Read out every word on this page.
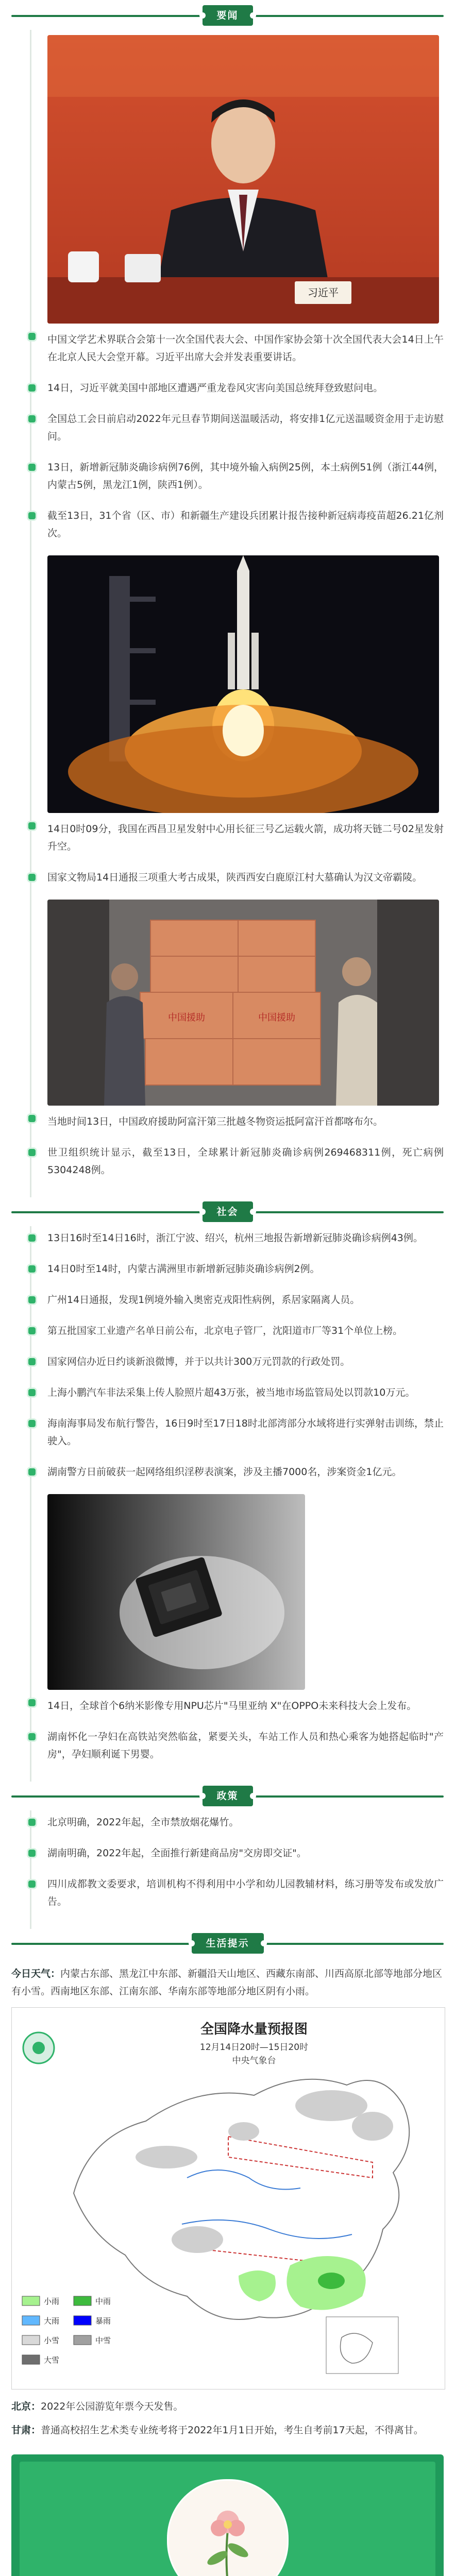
要闻
习近平

中国文学艺术界联合会第十一次全国代表大会、中国作家协会第十次全国代表大会14日上午在北京人民大会堂开幕。习近平出席大会并发表重要讲话。

14日，习近平就美国中部地区遭遇严重龙卷风灾害向美国总统拜登致慰问电。

全国总工会日前启动2022年元旦春节期间送温暖活动，将安排1亿元送温暖资金用于走访慰问。

13日，新增新冠肺炎确诊病例76例，其中境外输入病例25例，本土病例51例（浙江44例，内蒙古5例，黑龙江1例，陕西1例）。

截至13日，31个省（区、市）和新疆生产建设兵团累计报告接种新冠病毒疫苗超26.21亿剂次。

14日0时09分，我国在西昌卫星发射中心用长征三号乙运载火箭，成功将天链二号02星发射升空。

国家文物局14日通报三项重大考古成果，陕西西安白鹿原江村大墓确认为汉文帝霸陵。

中国援助	中国援助

当地时间13日，中国政府援助阿富汗第三批越冬物资运抵阿富汗首都喀布尔。

世卫组织统计显示，截至13日，全球累计新冠肺炎确诊病例269468311例，死亡病例5304248例。

社会

13日16时至14日16时，浙江宁波、绍兴，杭州三地报告新增新冠肺炎确诊病例43例。

14日0时至14时，内蒙古满洲里市新增新冠肺炎确诊病例2例。

广州14日通报，发现1例境外输入奥密克戎阳性病例，系居家隔离人员。

第五批国家工业遗产名单日前公布，北京电子管厂，沈阳道市厂等31个单位上榜。

国家网信办近日约谈新浪微博，并于以共计300万元罚款的行政处罚。

上海小鹏汽车非法采集上传人脸照片超43万张，被当地市场监管局处以罚款10万元。

海南海事局发布航行警告，16日9时至17日18时北部湾部分水域将进行实弹射击训练，禁止驶入。

湖南警方日前破获一起网络组织淫秽表演案，涉及主播7000名，涉案资金1亿元。

14日，全球首个6纳米影像专用NPU芯片"马里亚纳 X"在OPPO未来科技大会上发布。

湖南怀化一孕妇在高铁站突然临盆，紧要关头，车站工作人员和热心乘客为她搭起临时"产房"，孕妇顺利诞下男婴。

政策

北京明确，2022年起，全市禁放烟花爆竹。

湖南明确，2022年起，全面推行新建商品房"交房即交证"。

四川成都教文委要求，培训机构不得利用中小学和幼儿园教辅材料，练习册等发布或发放广告。

生活提示

今日天气：内蒙古东部、黑龙江中东部、新疆沿天山地区、西藏东南部、川西高原北部等地部分地区有小雪。西南地区东部、江南东部、华南东部等地部分地区阴有小雨。

全国降水量预报图
12月14日20时—15日20时
中央气象台
小雨	中雨
大雨	暴雨
小雪	中雪
大雪

北京：2022年公园游览年票今天发售。

甘肃：普通高校招生艺术类专业统考将于2022年1月1日开始，考生自考前17天起，不得离甘。
